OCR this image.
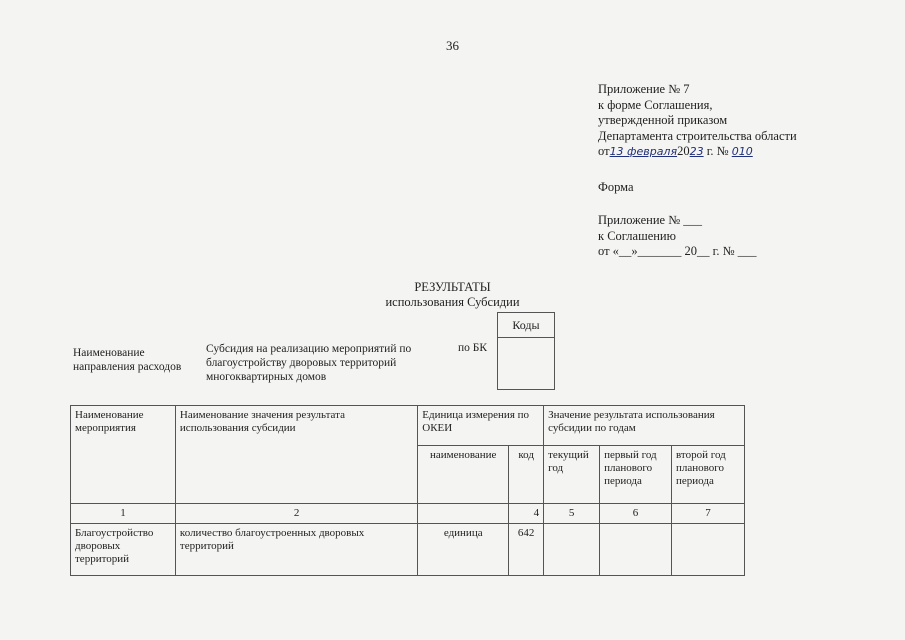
36
Приложение № 7
к форме Соглашения,
утвержденной приказом
Департамента строительства области
от13 февраля2023 г. № 010
Форма
Приложение № ___
к Соглашению
от «__»_______ 20__ г. № ___
РЕЗУЛЬТАТЫ
использования Субсидии
Коды
Наименование
направления расходов
Субсидия на реализацию мероприятий по
благоустройству дворовых территорий
многоквартирных домов
по БК
Наименование мероприятия	Наименование значения результата использования субсидии	Единица измерения по ОКЕИ		Значение результата использования субсидии по годам		
		наименование	код	текущий год	первый год планового периода	второй год планового периода
1	2		4	5	6	7
Благоустройство дворовых территорий	количество благоустроенных дворовых территорий	единица	642			
